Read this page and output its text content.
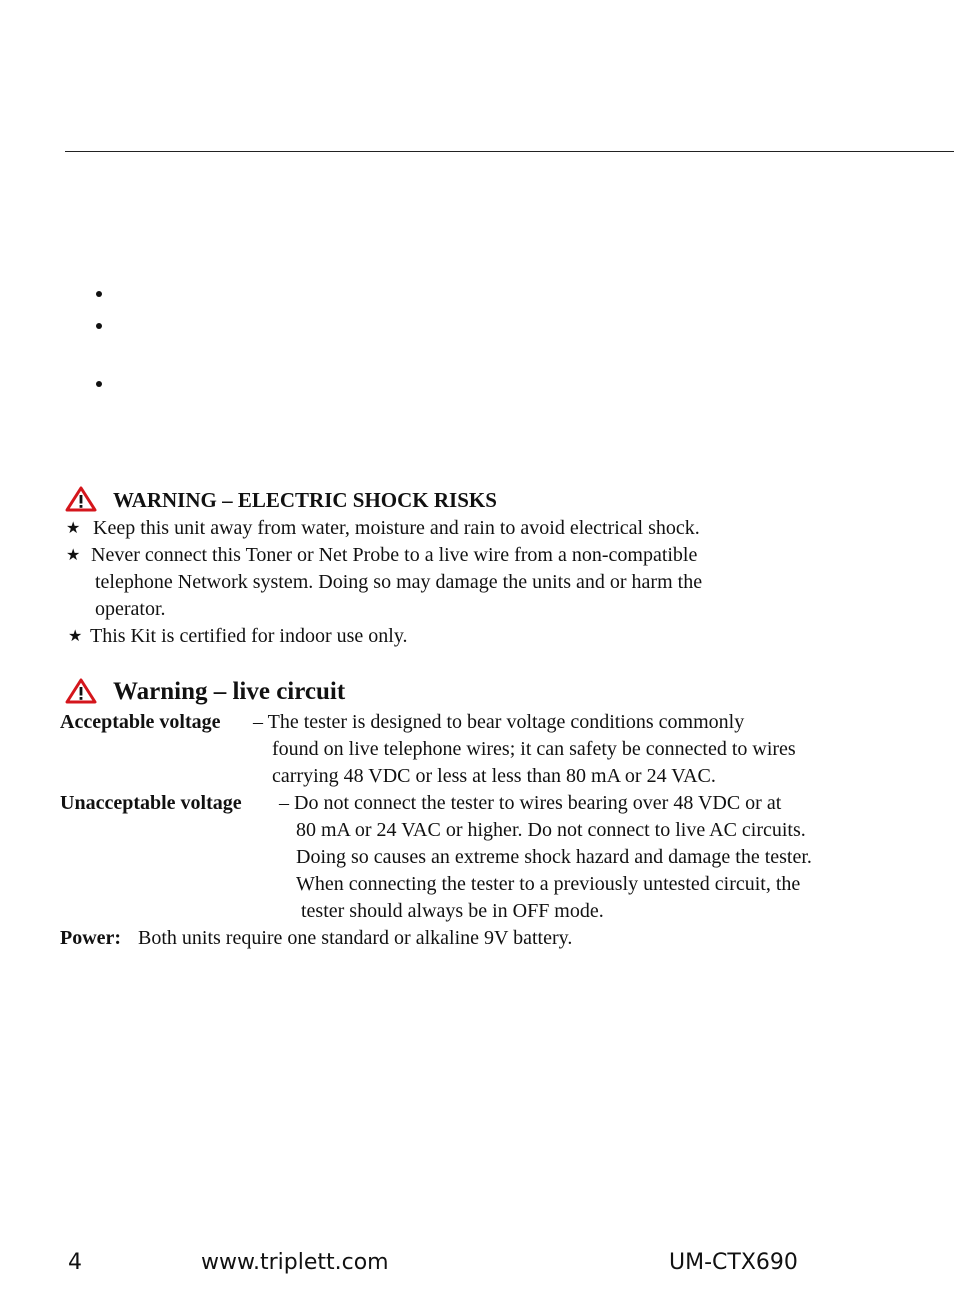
WARNING – ELECTRIC SHOCK RISKS
★ Keep this unit away from water, moisture and rain to avoid electrical shock.
★ Never connect this Toner or Net Probe to a live wire from a non-compatible
telephone Network system. Doing so may damage the units and or harm the
operator.
★ This Kit is certified for indoor use only.
Warning – live circuit
Acceptable voltage – The tester is designed to bear voltage conditions commonly
found on live telephone wires; it can safety be connected to wires
carrying 48 VDC or less at less than 80 mA or 24 VAC.
Unacceptable voltage – Do not connect the tester to wires bearing over 48 VDC or at
80 mA or 24 VAC or higher. Do not connect to live AC circuits.
Doing so causes an extreme shock hazard and damage the tester.
When connecting the tester to a previously untested circuit, the
tester should always be in OFF mode.
Power: Both units require one standard or alkaline 9V battery.
4	www.triplett.com	UM-CTX690
